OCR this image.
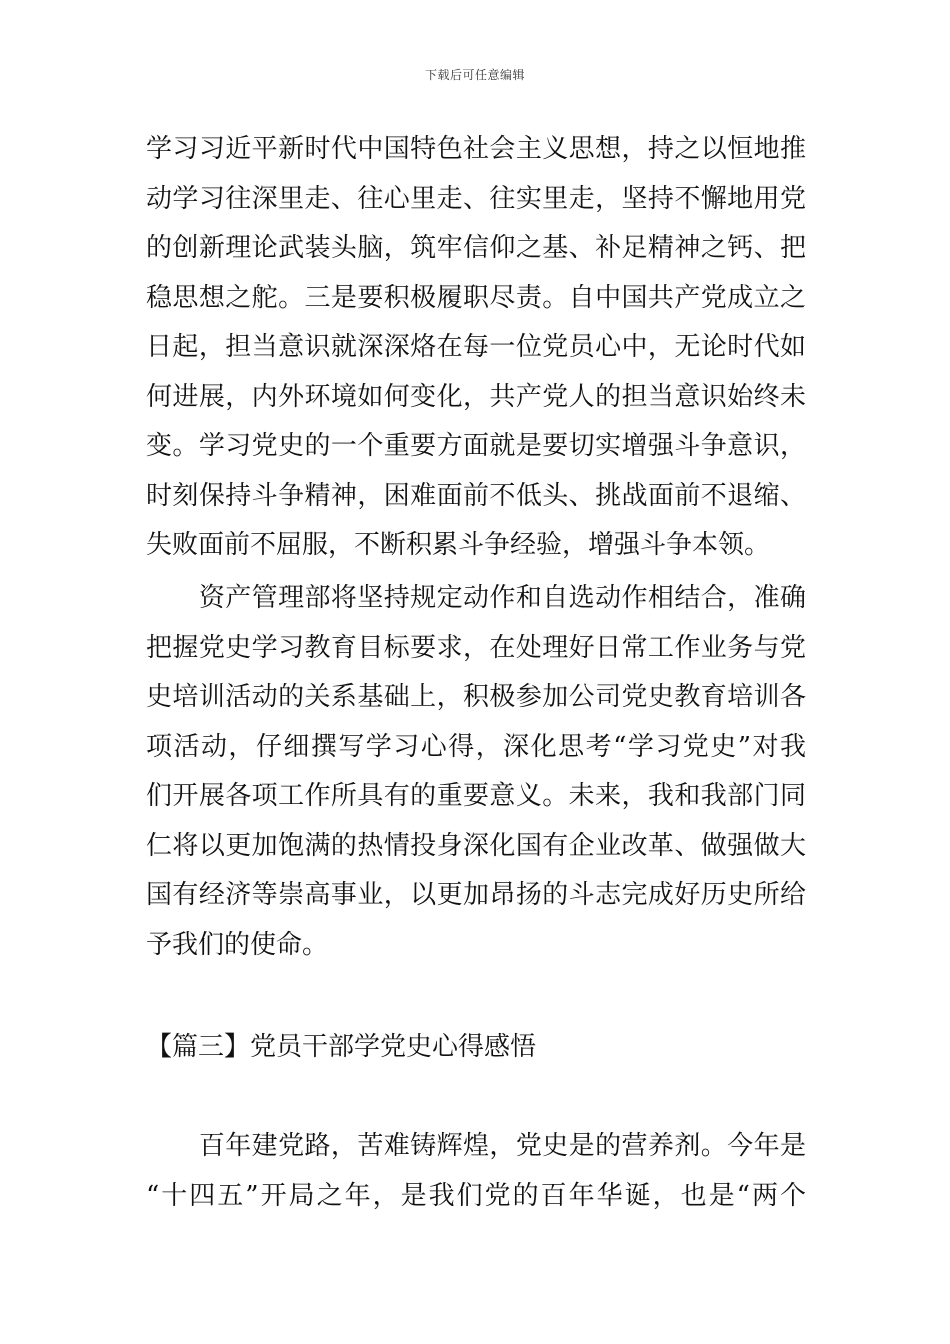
下载后可任意编辑
学习习近平新时代中国特色社会主义思想，持之以恒地推
动学习往深里走、往心里走、往实里走，坚持不懈地用党
的创新理论武装头脑，筑牢信仰之基、补足精神之钙、把
稳思想之舵。三是要积极履职尽责。自中国共产党成立之
日起，担当意识就深深烙在每一位党员心中，无论时代如
何进展，内外环境如何变化，共产党人的担当意识始终未
变。学习党史的一个重要方面就是要切实增强斗争意识，
时刻保持斗争精神，困难面前不低头、挑战面前不退缩、
失败面前不屈服，不断积累斗争经验，增强斗争本领。
　　资产管理部将坚持规定动作和自选动作相结合，准确
把握党史学习教育目标要求，在处理好日常工作业务与党
史培训活动的关系基础上，积极参加公司党史教育培训各
项活动，仔细撰写学习心得，深化思考“学习党史”对我
们开展各项工作所具有的重要意义。未来，我和我部门同
仁将以更加饱满的热情投身深化国有企业改革、做强做大
国有经济等崇高事业，以更加昂扬的斗志完成好历史所给
予我们的使命。
【篇三】党员干部学党史心得感悟
　　百年建党路，苦难铸辉煌，党史是的营养剂。今年是
“十四五”开局之年，是我们党的百年华诞，也是“两个
